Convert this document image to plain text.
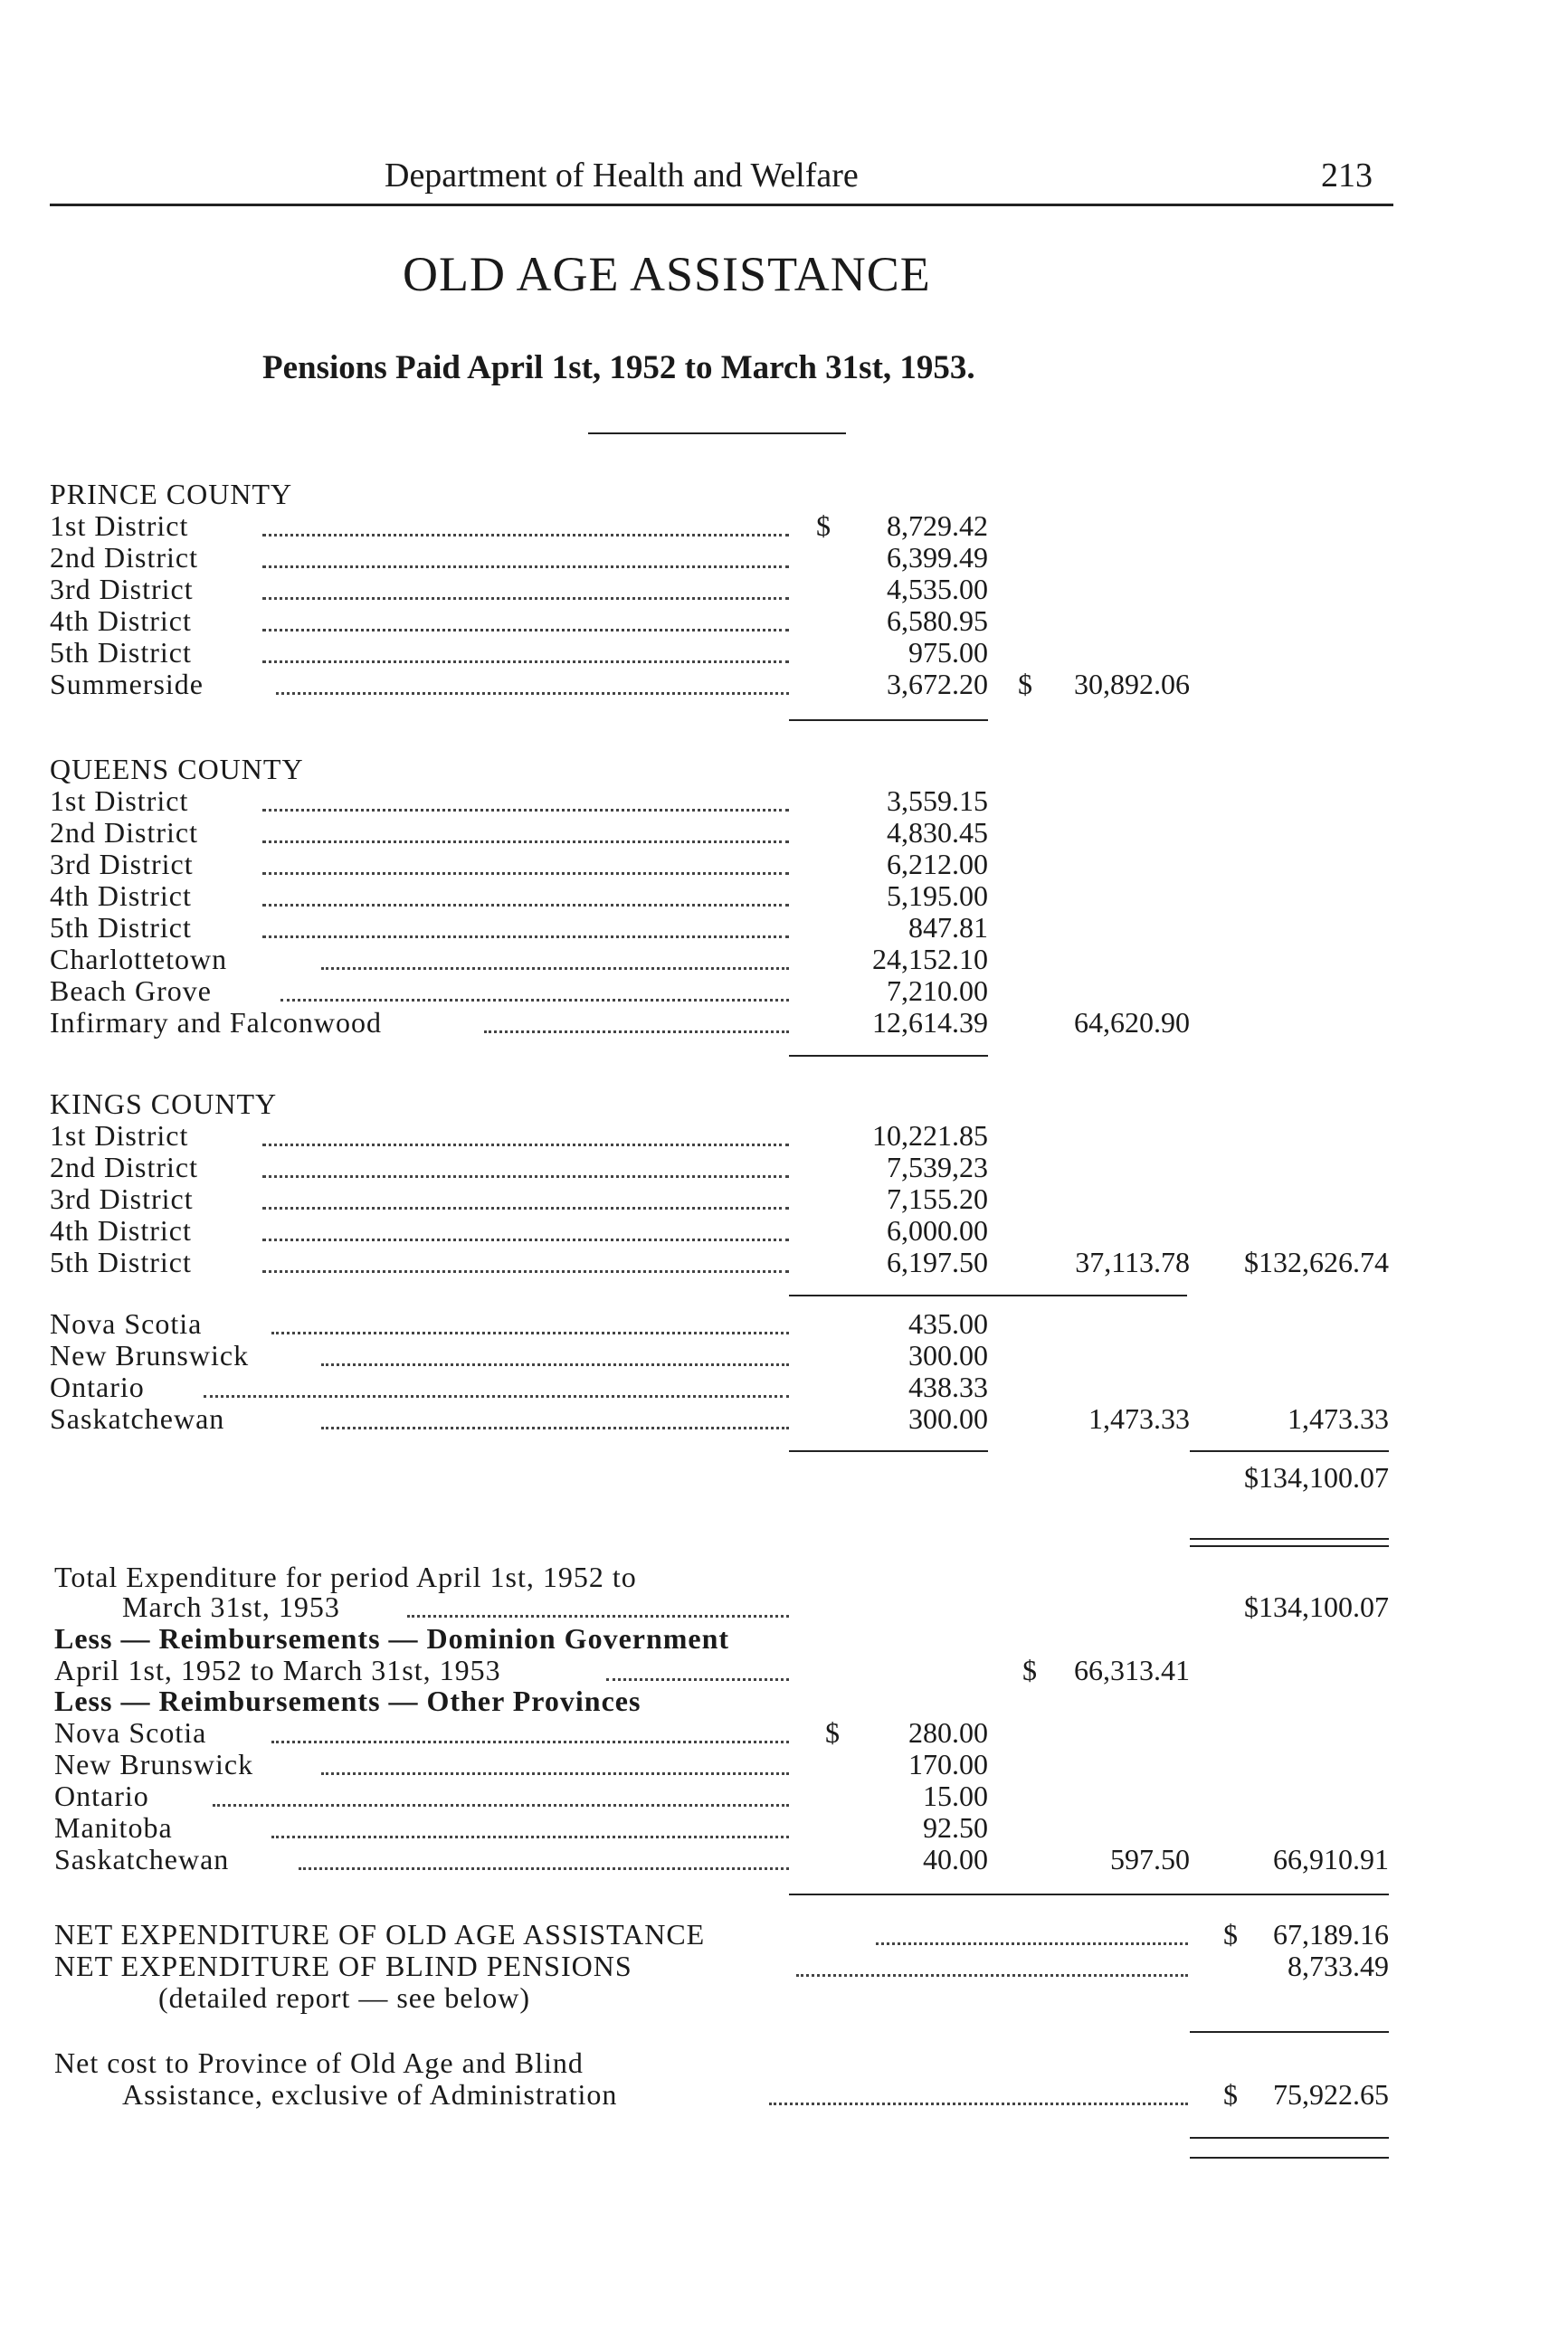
Department of Health and Welfare	213
OLD AGE ASSISTANCE
Pensions Paid April 1st, 1952 to March 31st, 1953.
PRINCE COUNTY
1st District	$	8,729.42
2nd District	6,399.49
3rd District	4,535.00
4th District	6,580.95
5th District	975.00
Summerside	3,672.20 $	30,892.06
QUEENS COUNTY
1st District	3,559.15
2nd District	4,830.45
3rd District	6,212.00
4th District	5,195.00
5th District	847.81
Charlottetown	24,152.10
Beach Grove	7,210.00
Infirmary and Falconwood	12,614.39	64,620.90
KINGS COUNTY
1st District	10,221.85
2nd District	7,539,23
3rd District	7,155.20
4th District	6,000.00
5th District	6,197.50	37,113.78	$132,626.74
Nova Scotia	435.00
New Brunswick	300.00
Ontario	438.33
Saskatchewan	300.00	1,473.33	1,473.33
$134,100.07
Total Expenditure for period April 1st, 1952 to
March 31st, 1953	$134,100.07
Less — Reimbursements — Dominion Government
April 1st, 1952 to March 31st, 1953	$	66,313.41
Less — Reimbursements — Other Provinces
Nova Scotia	$	280.00
New Brunswick	170.00
Ontario	15.00
Manitoba	92.50
Saskatchewan	40.00	597.50	66,910.91
NET EXPENDITURE OF OLD AGE ASSISTANCE	$	67,189.16
NET EXPENDITURE OF BLIND PENSIONS	8,733.49
(detailed report — see below)
Net cost to Province of Old Age and Blind
Assistance, exclusive of Administration	$	75,922.65
